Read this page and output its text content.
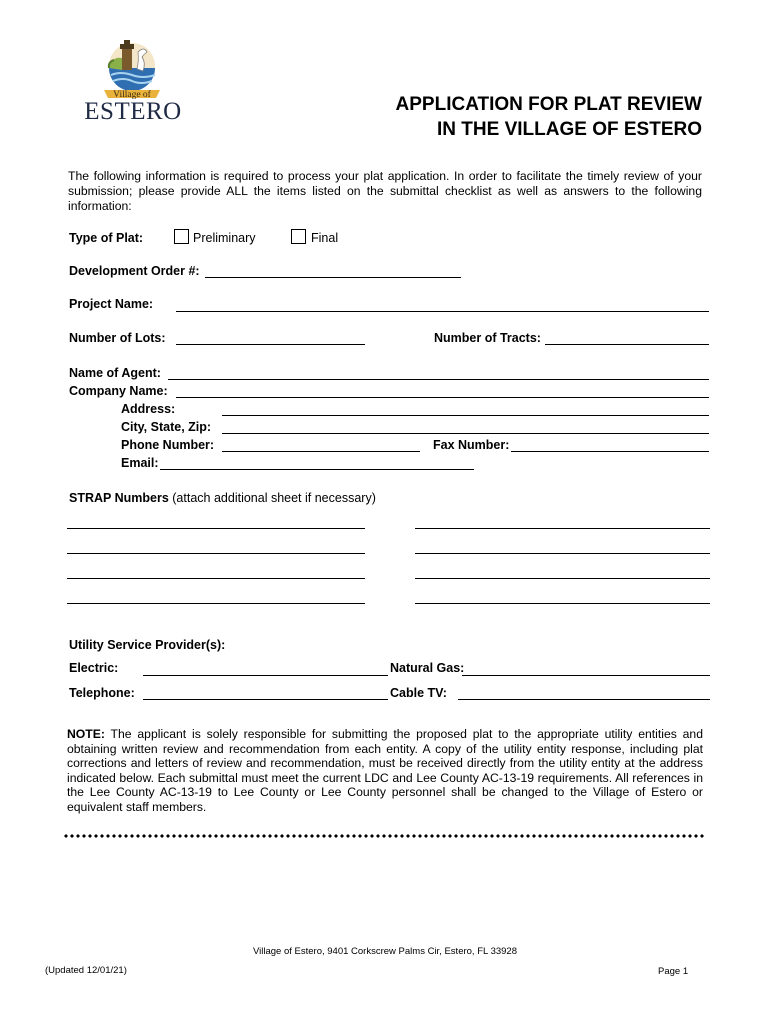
Village of
ESTERO	APPLICATION FOR PLAT REVIEW
IN THE VILLAGE OF ESTERO
The following information is required to process your plat application. In order to facilitate the timely review of your submission; please provide ALL the items listed on the submittal checklist as well as answers to the following information:
Type of Plat:	Preliminary	Final
Development Order #:
Project Name:
Number of Lots:	Number of Tracts:
Name of Agent:
Company Name:
Address:
City, State, Zip:
Phone Number:	Fax Number:
Email:
STRAP Numbers (attach additional sheet if necessary)
Utility Service Provider(s):
Electric:	Natural Gas:
Telephone:	Cable TV:
NOTE: The applicant is solely responsible for submitting the proposed plat to the appropriate utility entities and obtaining written review and recommendation from each entity. A copy of the utility entity response, including plat corrections and letters of review and recommendation, must be received directly from the utility entity at the address indicated below. Each submittal must meet the current LDC and Lee County AC-13-19 requirements. All references in the Lee County AC-13-19 to Lee County or Lee County personnel shall be changed to the Village of Estero or equivalent staff members.
Village of Estero, 9401 Corkscrew Palms Cir, Estero, FL 33928
(Updated 12/01/21)	Page 1
